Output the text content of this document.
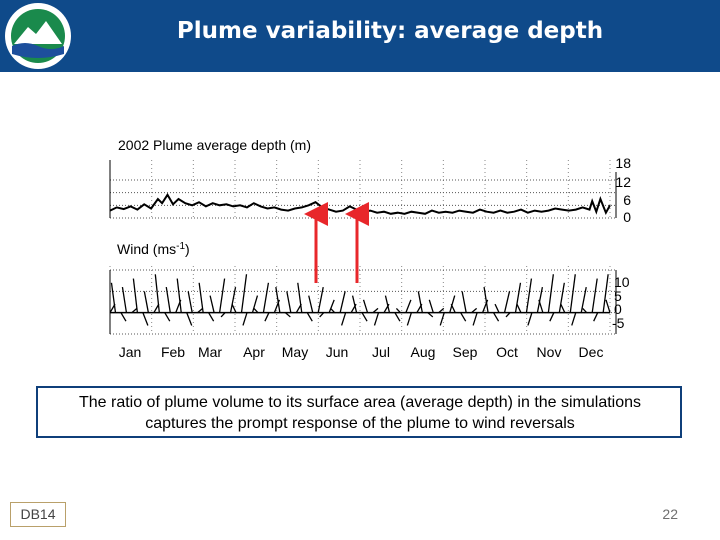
Plume variability: average depth
2002 Plume average depth (m)
Wind $(ms^{-1})$
18
12
6
0
10
5
0
-5
Jan Feb Mar Apr May Jun Jul Aug Sep Oct Nov Dec
The ratio of plume volume to its surface area (average depth) in the simulations
captures the prompt response of the plume to wind reversals
DB14	22
